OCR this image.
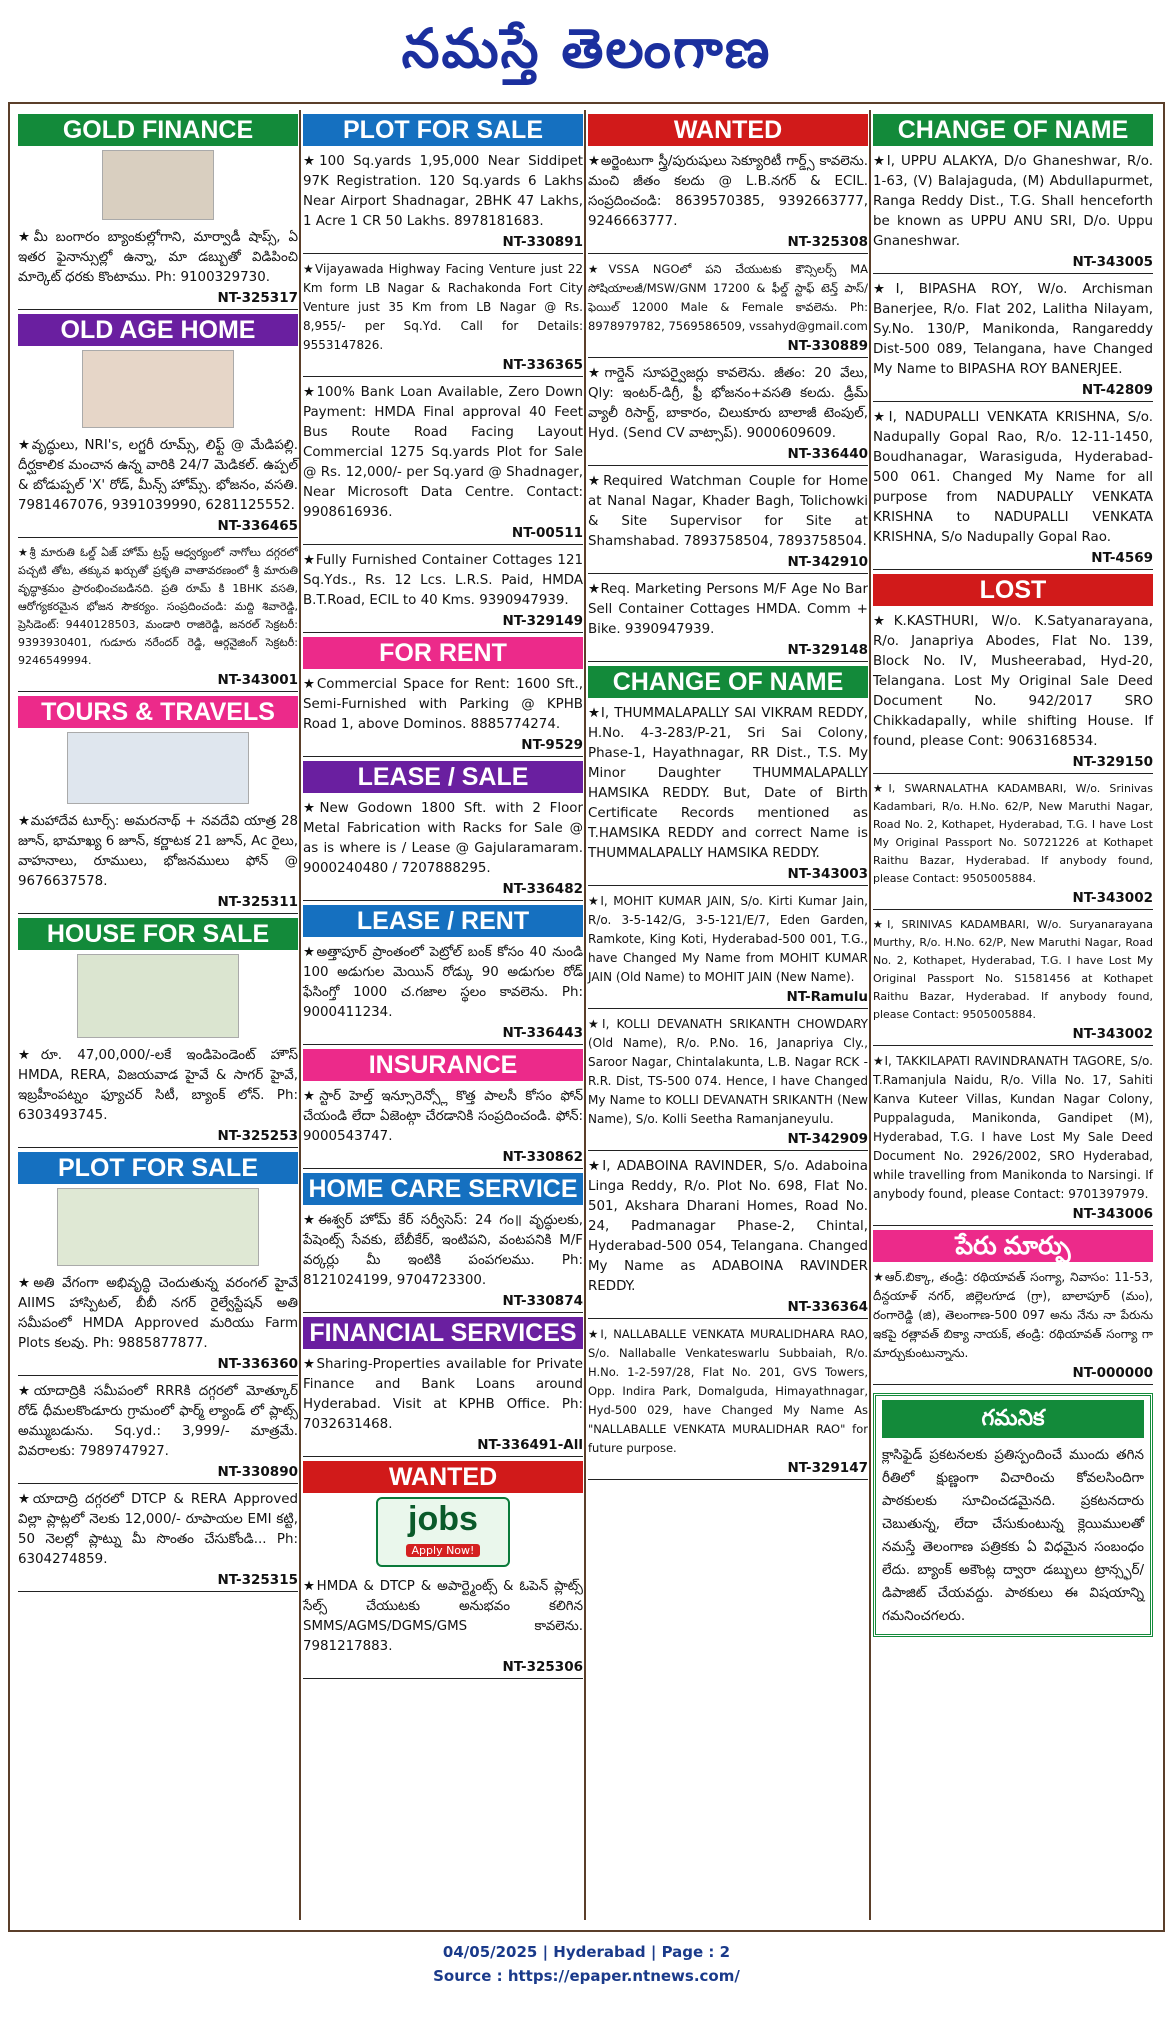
నమస్తే తెలంగాణ
GOLD FINANCE
★మీ బంగారం బ్యాంకుల్లోగాని, మార్వాడీ షాప్స్, ఏ ఇతర ఫైనాన్సుల్లో ఉన్నా, మా డబ్బుతో విడిపించి మార్కెట్ ధరకు కొంటాము. Ph: 9100329730.
NT-325317
OLD AGE HOME
★వృద్ధులు, NRI's, లగ్జరీ రూమ్స్, లిఫ్ట్ @ మేడిపల్లి. దీర్ఘకాలిక మంచాన ఉన్న వారికి 24/7 మెడికల్. ఉప్పల్ & బోడుప్పల్ 'X' రోడ్, మీన్స్ హోమ్స్. భోజనం, వసతి. 7981467076, 9391039990, 6281125552.
NT-336465
★శ్రీ మారుతి ఓల్డ్ ఏజ్ హోమ్ ట్రస్ట్ ఆధ్వర్యంలో నాగోలు దగ్గరలో పచ్చటి తోట, తక్కువ ఖర్చుతో ప్రకృతి వాతావరణంలో శ్రీ మారుతి వృద్ధాశ్రమం ప్రారంభించబడినది. ప్రతి రూమ్ కి 1BHK వసతి, ఆరోగ్యకరమైన భోజన సౌకర్యం. సంప్రదించండి: మద్ది శివారెడ్డి, ప్రెసిడెంట్: 9440128503, మండారి రాజిరెడ్డి, జనరల్ సెక్రటరీ: 9393930401, గుడూరు నరేందర్ రెడ్డి, ఆర్గనైజింగ్ సెక్రటరీ: 9246549994.
NT-343001
TOURS & TRAVELS
★మహాదేవ టూర్స్: అమరనాథ్ + నవదేవి యాత్ర 28 జూన్, భామాఖ్య 6 జూన్, కర్ణాటక 21 జూన్, Ac రైలు, వాహనాలు, రూములు, భోజనములు ఫోన్ @ 9676637578.
NT-325311
HOUSE FOR SALE
★రూ. 47,00,000/-లకే ఇండిపెండెంట్ హౌస్ HMDA, RERA, విజయవాడ హైవే & సాగర్ హైవే, ఇబ్రహీంపట్నం ఫ్యూచర్ సిటీ, బ్యాంక్ లోన్. Ph: 6303493745.
NT-325253
PLOT FOR SALE
★అతి వేగంగా అభివృద్ధి చెందుతున్న వరంగల్ హైవే AIIMS హాస్పిటల్, బీబీ నగర్ రైల్వేస్టేషన్ అతి సమీపంలో HMDA Approved మరియు Farm Plots కలవు. Ph: 9885877877.
NT-336360
★యాదాద్రికి సమీపంలో RRRకి దగ్గరలో మోత్కూర్ రోడ్ ధీమలకొండూరు గ్రామంలో ఫార్మ్ ల్యాండ్ లో ప్లాట్స్ అమ్ముబడును. Sq.yd.: 3,999/- మాత్రమే. వివరాలకు: 7989747927.
NT-330890
★యాదాద్రి దగ్గరలో DTCP & RERA Approved విల్లా ప్లాట్లలో నెలకు 12,000/- రూపాయల EMI కట్టి, 50 నెలల్లో ప్లాట్ను మీ సొంతం చేసుకోండి... Ph: 6304274859.
NT-325315
PLOT FOR SALE
★100 Sq.yards 1,95,000 Near Siddipet 97K Registration. 120 Sq.yards 6 Lakhs Near Airport Shadnagar, 2BHK 47 Lakhs, 1 Acre 1 CR 50 Lakhs. 8978181683.
NT-330891
★Vijayawada Highway Facing Venture just 22 Km form LB Nagar & Rachakonda Fort City Venture just 35 Km from LB Nagar @ Rs. 8,955/- per Sq.Yd. Call for Details: 9553147826.
NT-336365
★100% Bank Loan Available, Zero Down Payment: HMDA Final approval 40 Feet Bus Route Road Facing Layout Commercial 1275 Sq.yards Plot for Sale @ Rs. 12,000/- per Sq.yard @ Shadnager, Near Microsoft Data Centre. Contact: 9908616936.
NT-00511
★Fully Furnished Container Cottages 121 Sq.Yds., Rs. 12 Lcs. L.R.S. Paid, HMDA B.T.Road, ECIL to 40 Kms. 9390947939.
NT-329149
FOR RENT
★Commercial Space for Rent: 1600 Sft., Semi-Furnished with Parking @ KPHB Road 1, above Dominos. 8885774274.
NT-9529
LEASE / SALE
★New Godown 1800 Sft. with 2 Floor Metal Fabrication with Racks for Sale @ as is where is / Lease @ Gajularamaram. 9000240480 / 7207888295.
NT-336482
LEASE / RENT
★అత్తాపూర్ ప్రాంతంలో పెట్రోల్ బంక్ కోసం 40 నుండి 100 అడుగుల మెయిన్ రోడ్కు 90 అడుగుల రోడ్ ఫేసింగ్తో 1000 చ.గజాల స్థలం కావలెను. Ph: 9000411234.
NT-336443
INSURANCE
★స్టార్ హెల్త్ ఇన్సూరెన్స్లో కొత్త పాలసీ కోసం ఫోన్ చేయండి లేదా ఏజెంట్గా చేరడానికి సంప్రదించండి. ఫోన్: 9000543747.
NT-330862
HOME CARE SERVICE
★ఈశ్వర్ హోమ్ కేర్ సర్వీసెస్: 24 గం॥ వృద్ధులకు, పేషెంట్స్ సేవకు, బేబీకేర్, ఇంటిపని, వంటపనికి M/F వర్కర్లు మీ ఇంటికి పంపగలము. Ph: 8121024199, 9704723300.
NT-330874
FINANCIAL SERVICES
★Sharing-Properties available for Private Finance and Bank Loans around Hyderabad. Visit at KPHB Office. Ph: 7032631468.
NT-336491-All
WANTED
jobs
Apply Now!
★HMDA & DTCP & అపార్ట్మెంట్స్ & ఓపెన్ ప్లాట్స్ సేల్స్ చేయుటకు అనుభవం కలిగిన SMMS/AGMS/DGMS/GMS కావలెను. 7981217883.
NT-325306
WANTED
★అర్జెంటుగా స్త్రీ/పురుషులు సెక్యూరిటీ గార్డ్స్ కావలెను. మంచి జీతం కలదు @ L.B.నగర్ & ECIL. సంప్రదించండి: 8639570385, 9392663777, 9246663777.
NT-325308
★VSSA NGOలో పని చేయుటకు కౌన్సిలర్స్ MA సోషియాలజీ/MSW/GNM 17200 & ఫీల్డ్ స్టాఫ్ టెన్త్ పాస్/ఫెయిల్ 12000 Male & Female కావలెను. Ph: 8978979782, 7569586509, vssahyd@gmail.com
NT-330889
★గార్డెన్ సూపర్వైజర్లు కావలెను. జీతం: 20 వేలు, Qly: ఇంటర్-డిగ్రీ, ఫ్రీ భోజనం+వసతి కలదు. డ్రీమ్ వ్యాలీ రిసార్ట్, బాకారం, చిలుకూరు బాలాజీ టెంపుల్, Hyd. (Send CV వాట్సాప్). 9000609609.
NT-336440
★Required Watchman Couple for Home at Nanal Nagar, Khader Bagh, Tolichowki & Site Supervisor for Site at Shamshabad. 7893758504, 7893758504.
NT-342910
★Req. Marketing Persons M/F Age No Bar Sell Container Cottages HMDA. Comm + Bike. 9390947939.
NT-329148
CHANGE OF NAME
★I, THUMMALAPALLY SAI VIKRAM REDDY, H.No. 4-3-283/P-21, Sri Sai Colony, Phase-1, Hayathnagar, RR Dist., T.S. My Minor Daughter THUMMALAPALLY HAMSIKA REDDY. But, Date of Birth Certificate Records mentioned as T.HAMSIKA REDDY and correct Name is THUMMALAPALLY HAMSIKA REDDY.
NT-343003
★I, MOHIT KUMAR JAIN, S/o. Kirti Kumar Jain, R/o. 3-5-142/G, 3-5-121/E/7, Eden Garden, Ramkote, King Koti, Hyderabad-500 001, T.G., have Changed My Name from MOHIT KUMAR JAIN (Old Name) to MOHIT JAIN (New Name).
NT-Ramulu
★I, KOLLI DEVANATH SRIKANTH CHOWDARY (Old Name), R/o. P.No. 16, Janapriya Cly., Saroor Nagar, Chintalakunta, L.B. Nagar RCK - R.R. Dist, TS-500 074. Hence, I have Changed My Name to KOLLI DEVANATH SRIKANTH (New Name), S/o. Kolli Seetha Ramanjaneyulu.
NT-342909
★I, ADABOINA RAVINDER, S/o. Adaboina Linga Reddy, R/o. Plot No. 698, Flat No. 501, Akshara Dharani Homes, Road No. 24, Padmanagar Phase-2, Chintal, Hyderabad-500 054, Telangana. Changed My Name as ADABOINA RAVINDER REDDY.
NT-336364
★I, NALLABALLE VENKATA MURALIDHARA RAO, S/o. Nallaballe Venkateswarlu Subbaiah, R/o. H.No. 1-2-597/28, Flat No. 201, GVS Towers, Opp. Indira Park, Domalguda, Himayathnagar, Hyd-500 029, have Changed My Name As "NALLABALLE VENKATA MURALIDHAR RAO" for future purpose.
NT-329147
CHANGE OF NAME
★I, UPPU ALAKYA, D/o Ghaneshwar, R/o. 1-63, (V) Balajaguda, (M) Abdullapurmet, Ranga Reddy Dist., T.G. Shall henceforth be known as UPPU ANU SRI, D/o. Uppu Gnaneshwar.
NT-343005
★I, BIPASHA ROY, W/o. Archisman Banerjee, R/o. Flat 202, Lalitha Nilayam, Sy.No. 130/P, Manikonda, Rangareddy Dist-500 089, Telangana, have Changed My Name to BIPASHA ROY BANERJEE.
NT-42809
★I, NADUPALLI VENKATA KRISHNA, S/o. Nadupally Gopal Rao, R/o. 12-11-1450, Boudhanagar, Warasiguda, Hyderabad-500 061. Changed My Name for all purpose from NADUPALLY VENKATA KRISHNA to NADUPALLI VENKATA KRISHNA, S/o Nadupally Gopal Rao.
NT-4569
LOST
★K.KASTHURI, W/o. K.Satyanarayana, R/o. Janapriya Abodes, Flat No. 139, Block No. IV, Musheerabad, Hyd-20, Telangana. Lost My Original Sale Deed Document No. 942/2017 SRO Chikkadapally, while shifting House. If found, please Cont: 9063168534.
NT-329150
★I, SWARNALATHA KADAMBARI, W/o. Srinivas Kadambari, R/o. H.No. 62/P, New Maruthi Nagar, Road No. 2, Kothapet, Hyderabad, T.G. I have Lost My Original Passport No. S0721226 at Kothapet Raithu Bazar, Hyderabad. If anybody found, please Contact: 9505005884.
NT-343002
★I, SRINIVAS KADAMBARI, W/o. Suryanarayana Murthy, R/o. H.No. 62/P, New Maruthi Nagar, Road No. 2, Kothapet, Hyderabad, T.G. I have Lost My Original Passport No. S1581456 at Kothapet Raithu Bazar, Hyderabad. If anybody found, please Contact: 9505005884.
NT-343002
★I, TAKKILAPATI RAVINDRANATH TAGORE, S/o. T.Ramanjula Naidu, R/o. Villa No. 17, Sahiti Kanva Kuteer Villas, Kundan Nagar Colony, Puppalaguda, Manikonda, Gandipet (M), Hyderabad, T.G. I have Lost My Sale Deed Document No. 2926/2002, SRO Hyderabad, while travelling from Manikonda to Narsingi. If anybody found, please Contact: 9701397979.
NT-343006
పేరు మార్పు
★ఆర్.బిక్కా, తండ్రి: రథియావత్ సంగ్యా, నివాసం: 11-53, దీన్దయాళ్ నగర్, జిల్లెలగూడ (గ్రా), బాలాపూర్ (మం), రంగారెడ్డి (జి), తెలంగాణ-500 097 అను నేను నా పేరును ఇకపై రత్లావత్ బిక్యా నాయక్, తండ్రి: రథియావత్ సంగ్యా గా మార్చుకుంటున్నాను.
NT-000000
గమనిక
క్లాసిఫైడ్ ప్రకటనలకు ప్రతిస్పందించే ముందు తగిన రీతిలో క్షుణ్ణంగా విచారించు కోవలసిందిగా పాఠకులకు సూచించడమైనది. ప్రకటనదారు చెబుతున్న, లేదా చేసుకుంటున్న క్లెయిములతో నమస్తే తెలంగాణ పత్రికకు ఏ విధమైన సంబంధం లేదు. బ్యాంక్ అకౌంట్ల ద్వారా డబ్బులు ట్రాన్స్ఫర్/డిపాజిట్ చేయవద్దు. పాఠకులు ఈ విషయాన్ని గమనించగలరు.
04/05/2025 | Hyderabad | Page : 2
Source : https://epaper.ntnews.com/
